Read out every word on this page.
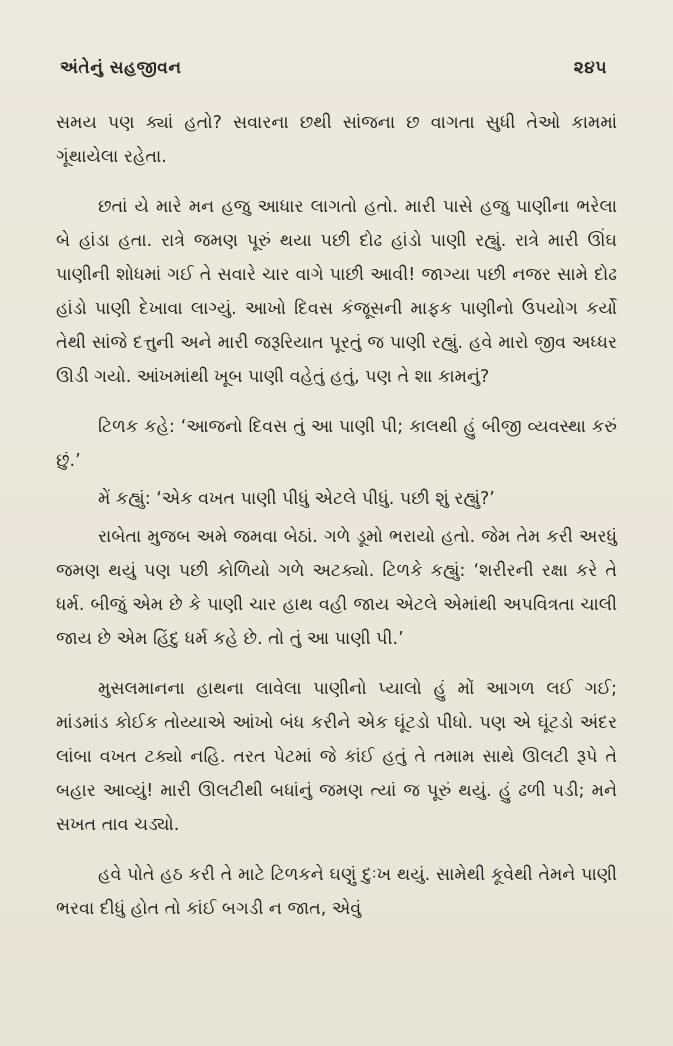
અંતેનું સહજીવન	૨૪૫

સમય પણ ક્યાં હતો? સવારના છથી સાંજના છ વાગતા સુધી તેઓ કામમાં ગૂંથાયેલા રહેતા.

છતાં યે મારે મન હજુ આધાર લાગતો હતો. મારી પાસે હજુ પાણીના ભરેલા બે હાંડા હતા. રાત્રે જમણ પૂરું થયા પછી દોઢ હાંડો પાણી રહ્યું. રાત્રે મારી ઊંઘ પાણીની શોધમાં ગઈ તે સવારે ચાર વાગે પાછી આવી! જાગ્યા પછી નજર સામે દોઢ હાંડો પાણી દેખાવા લાગ્યું. આખો દિવસ કંજૂસની માફક પાણીનો ઉપયોગ કર્યો તેથી સાંજે દત્તુની અને મારી જરૂરિયાત પૂરતું જ પાણી રહ્યું. હવે મારો જીવ અધ્ધર ઊડી ગયો. આંખમાંથી ખૂબ પાણી વહેતું હતું, પણ તે શા કામનું?

ટિળક કહે: ‘આજનો દિવસ તું આ પાણી પી; કાલથી હું બીજી વ્યવસ્થા કરું છું.’

મેં કહ્યું: ‘એક વખત પાણી પીધું એટલે પીધું. પછી શું રહ્યું?’

રાબેતા મુજબ અમે જમવા બેઠાં. ગળે ડૂમો ભરાયો હતો. જેમ તેમ કરી અરધું જમણ થયું પણ પછી કોળિયો ગળે અટક્યો. ટિળકે કહ્યું: ‘શરીરની રક્ષા કરે તે ધર્મ. બીજું એમ છે કે પાણી ચાર હાથ વહી જાય એટલે એમાંથી અપવિત્રતા ચાલી જાય છે એમ હિંદુ ધર્મ કહે છે. તો તું આ પાણી પી.’

મુસલમાનના હાથના લાવેલા પાણીનો પ્યાલો હું મોં આગળ લઈ ગઈ; માંડમાંડ કોઈક તોય્યાએ આંખો બંધ કરીને એક ઘૂંટડો પીધો. પણ એ ઘૂંટડો અંદર લાંબા વખત ટક્યો નહિ. તરત પેટમાં જે કાંઈ હતું તે તમામ સાથે ઊલટી રૂપે તે બહાર આવ્યું! મારી ઊલટીથી બધાંનું જમણ ત્યાં જ પૂરું થયું. હું ઢળી પડી; મને સખત તાવ ચડ્યો.

હવે પોતે હઠ કરી તે માટે ટિળકને ઘણું દુઃખ થયું. સામેથી કૂવેથી તેમને પાણી ભરવા દીધું હોત તો કાંઈ બગડી ન જાત, એવું
